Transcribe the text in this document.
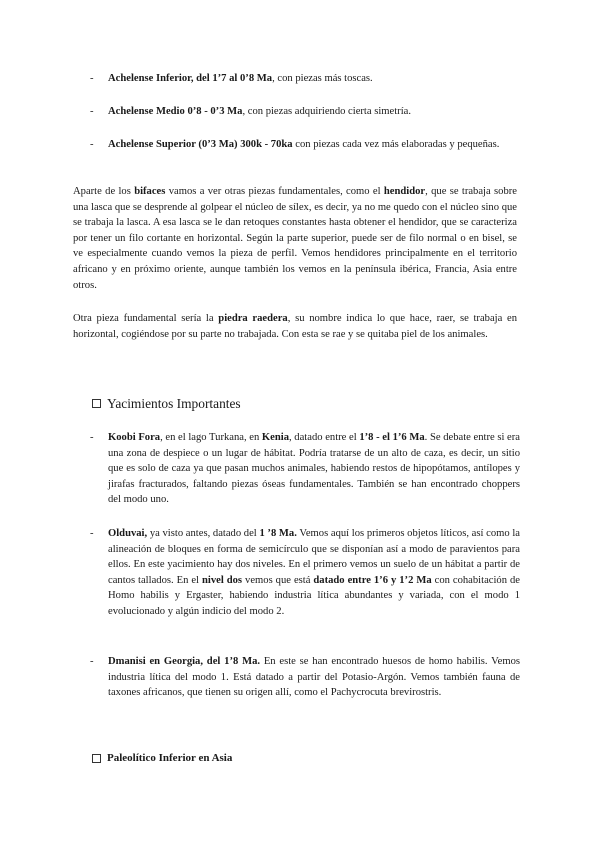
- Achelense Inferior, del 1’7 al 0’8 Ma, con piezas más toscas.
- Achelense Medio 0’8 - 0’3 Ma, con piezas adquiriendo cierta simetría.
- Achelense Superior (0’3 Ma) 300k - 70ka con piezas cada vez más elaboradas y pequeñas.
Aparte de los bifaces vamos a ver otras piezas fundamentales, como el hendidor, que se trabaja sobre una lasca que se desprende al golpear el núcleo de sílex, es decir, ya no me quedo con el núcleo sino que se trabaja la lasca. A esa lasca se le dan retoques constantes hasta obtener el hendidor, que se caracteriza por tener un filo cortante en horizontal. Según la parte superior, puede ser de filo normal o en bisel, se ve especialmente cuando vemos la pieza de perfil. Vemos hendidores principalmente en el territorio africano y en próximo oriente, aunque también los vemos en la península ibérica, Francia, Asia entre otros.
Otra pieza fundamental sería la piedra raedera, su nombre indica lo que hace, raer, se trabaja en horizontal, cogiéndose por su parte no trabajada. Con esta se rae y se quitaba piel de los animales.
Yacimientos Importantes
- Koobi Fora, en el lago Turkana, en Kenia, datado entre el 1’8 - el 1’6 Ma. Se debate entre si era una zona de despiece o un lugar de hábitat. Podría tratarse de un alto de caza, es decir, un sitio que es solo de caza ya que pasan muchos animales, habiendo restos de hipopótamos, antílopes y jirafas fracturados, faltando piezas óseas fundamentales. También se han encontrado choppers del modo uno.
- Olduvai, ya visto antes, datado del 1 ’8 Ma. Vemos aquí los primeros objetos líticos, así como la alineación de bloques en forma de semicírculo que se disponían así a modo de paravientos para ellos. En este yacimiento hay dos niveles. En el primero vemos un suelo de un hábitat a partir de cantos tallados. En el nivel dos vemos que está datado entre 1’6 y 1’2 Ma con cohabitación de Homo habilis y Ergaster, habiendo industria lítica abundantes y variada, con el modo 1 evolucionado y algún indicio del modo 2.
- Dmanisi en Georgia, del 1’8 Ma. En este se han encontrado huesos de homo habilis. Vemos industria lítica del modo 1. Está datado a partir del Potasio-Argón. Vemos también fauna de taxones africanos, que tienen su origen allí, como el Pachycrocuta brevirostris.
Paleolítico Inferior en Asia
